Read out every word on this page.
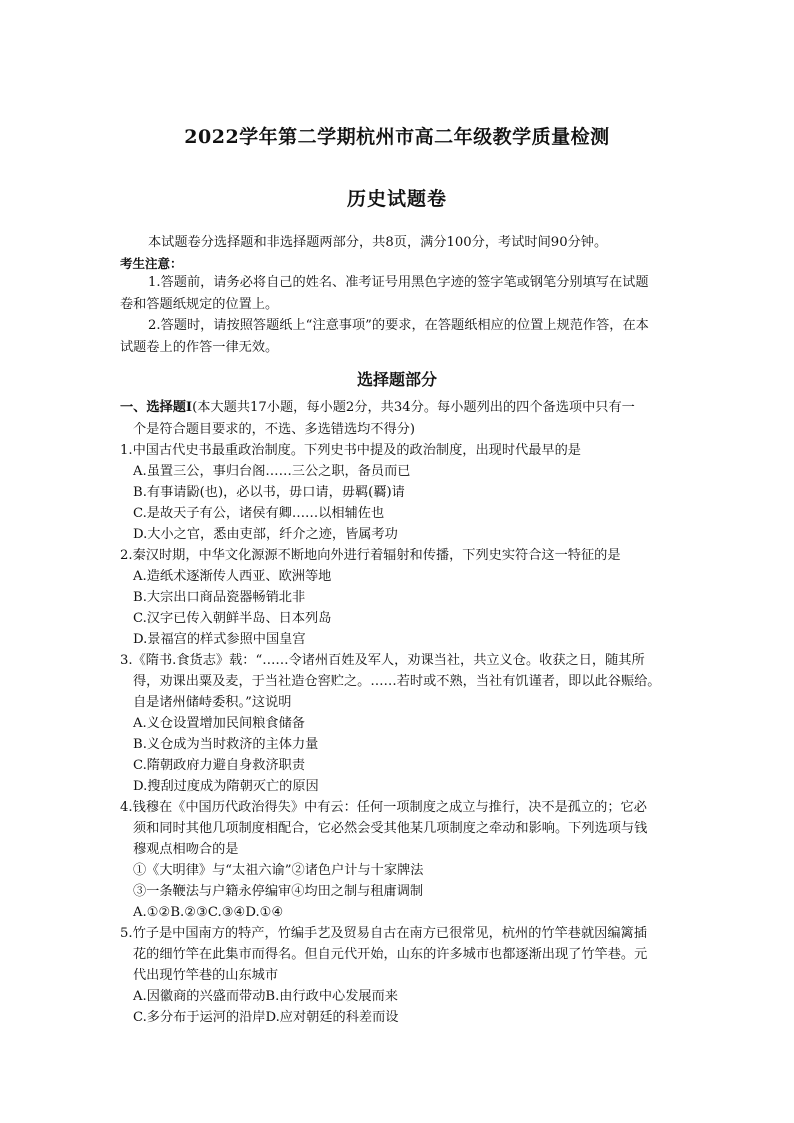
2022学年第二学期杭州市高二年级教学质量检测
历史试题卷
本试题卷分选择题和非选择题两部分，共8页，满分100分，考试时间90分钟。
考生注意：
1.答题前，请务必将自己的姓名、准考证号用黑色字迹的签字笔或钢笔分别填写在试题
卷和答题纸规定的位置上。
2.答题时，请按照答题纸上“注意事项”的要求，在答题纸相应的位置上规范作答，在本
试题卷上的作答一律无效。
选择题部分
一、选择题Ⅰ(本大题共17小题，每小题2分，共34分。每小题列出的四个备选项中只有一
个是符合题目要求的，不选、多选错选均不得分)
1.中国古代史书最重政治制度。下列史书中提及的政治制度，出现时代最早的是
A.虽置三公，事归台阁……三公之职，备员而已
B.有事请鼢(也)，必以书，毋口请，毋羁(覉)请
C.是故天子有公，诸侯有卿……以相辅佐也
D.大小之官，悉由吏部，纤介之迹，皆属考功
2.秦汉时期，中华文化源源不断地向外进行着辐射和传播，下列史实符合这一特征的是
A.造纸术逐渐传人西亚、欧洲等地
B.大宗出口商品瓷器畅销北非
C.汉字已传入朝鲜半岛、日本列岛
D.景福宫的样式参照中国皇宫
3.《隋书.食货志》载：“……令诸州百姓及军人，劝课当社，共立义仓。收获之日，随其所
得，劝课出粟及麦，于当社造仓窖贮之。……若时或不熟，当社有饥谨者，即以此谷赈给。
自是诸州储峙委积。”这说明
A.义仓设置增加民间粮食储备
B.义仓成为当时救济的主体力量
C.隋朝政府力避自身救济职责
D.搜刮过度成为隋朝灭亡的原因
4.钱穆在《中国历代政治得失》中有云：任何一项制度之成立与推行，决不是孤立的；它必
须和同时其他几项制度相配合，它必然会受其他某几项制度之牵动和影响。下列选项与钱
穆观点相吻合的是
①《大明律》与“太祖六谕”②诸色户计与十家牌法
③一条鞭法与户籍永停编审④均田之制与租庸调制
A.①②B.②③C.③④D.①④
5.竹子是中国南方的特产，竹编手艺及贸易自古在南方已很常见，杭州的竹竿巷就因编篱插
花的细竹竿在此集市而得名。但自元代开始，山东的许多城市也都逐渐出现了竹竿巷。元
代出现竹竿巷的山东城市
A.因徽商的兴盛而带动B.由行政中心发展而来
C.多分布于运河的沿岸D.应对朝廷的科差而设
